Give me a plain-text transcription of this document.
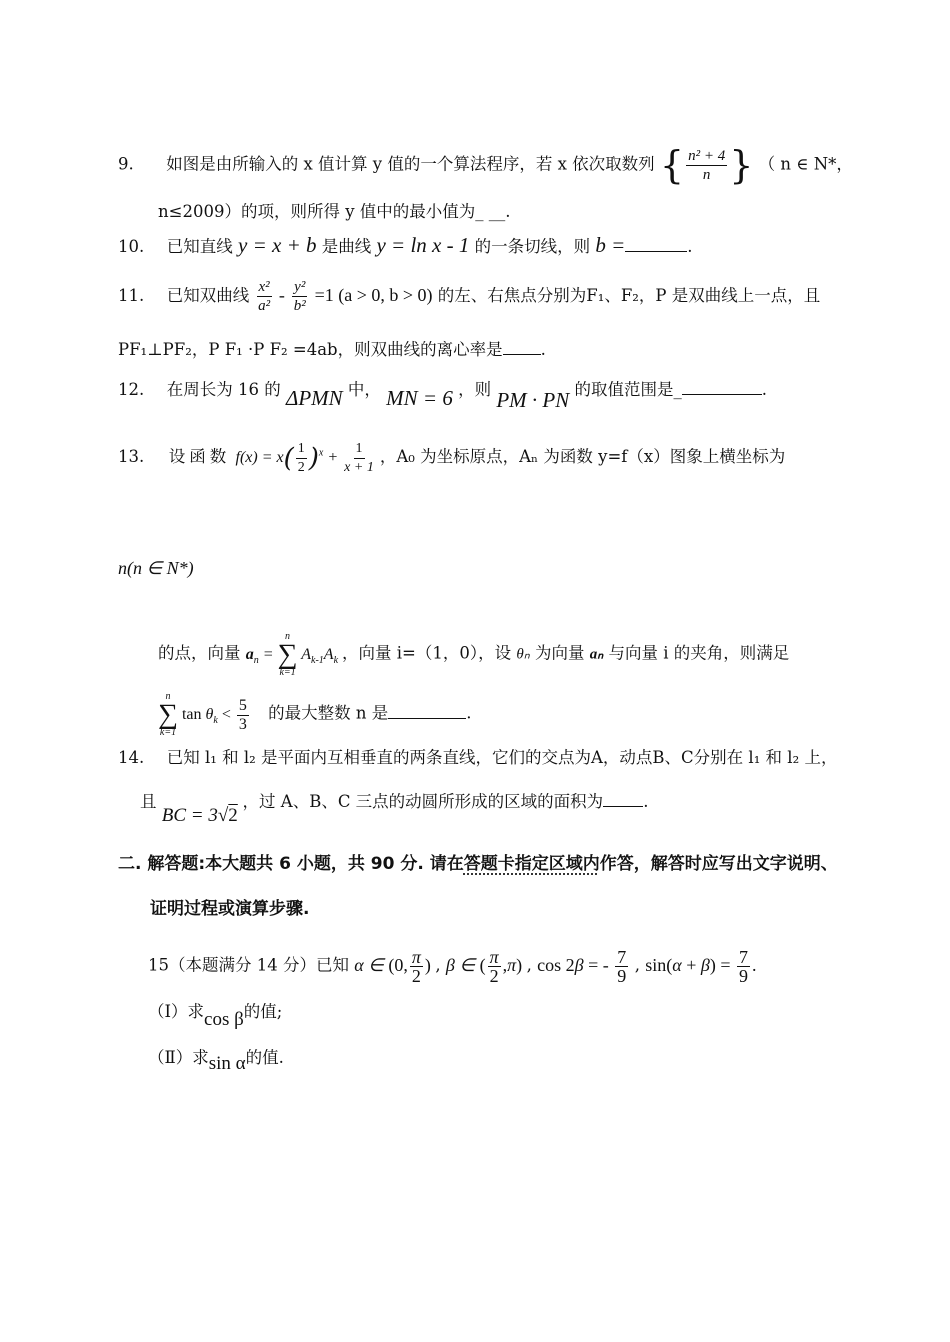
9. 如图是由所输入的 x 值计算 y 值的一个算法程序，若 x 依次取数列 { $\frac{\text{n² + 4}}{n}$ } （ n ∈ N*，
n≤2009）的项，则所得 y 值中的最小值为_ __.
10. 已知直线 y = x + b 是曲线 y = ln x - 1 的一条切线，则 b =	.
11. 已知双曲线 $\frac{\text{x²}}{\text{a²}} - \frac{\text{y²}}{\text{b²}} =1$ (a > 0, b > 0) 的左、右焦点分别为F₁、F₂，P 是双曲线上一点，且
PF₁⊥PF₂，P F₁ ·P F₂ =4ab，则双曲线的离心率是 .
12. 在周长为 16 的 ΔPMN 中， MN = 6 ，则 PM · PN 的取值范围是_	.
13. 设函数
$f(x) = x( \frac{1}{2} )^x + \frac{1}{x + 1}$ ，A₀ 为坐标原点，Aₙ 为函数 y=f（x）图象上横坐标为
n(n ∈ N*)
的点，向量 $a_n$ =
n
∑
k=1
$A_{k-1}A_k$ ，向量 i=（1，0），设 θₙ 为向量 aₙ 与向量 i 的夹角，则满足
n
∑
k=1
$\tan \theta_k < \frac{5}{3}$ 的最大整数 n 是	.
14. 已知 l₁ 和 l₂ 是平面内互相垂直的两条直线，它们的交点为A，动点B、C分别在 l₁ 和 l₂ 上，
且
BC = 3√2 ，过 A、B、C 三点的动圆所形成的区域的面积为 .
二. 解答题:本大题共 6 小题，共 90 分. 请在答题卡指定区域内作答，解答时应写出文字说明、
证明过程或演算步骤.
15（本题满分 14 分）已知
α ∈ (0, $\frac{\pi}{2}$ ) ,
β ∈ ( $\frac{\pi}{2} ,\pi$) ,
cos 2β = - $\frac{7}{9}$ ,
$\sin(\alpha + \beta) = \frac{7}{9}$ .
（Ⅰ）求cos β的值;
（Ⅱ）求sin α的值.
